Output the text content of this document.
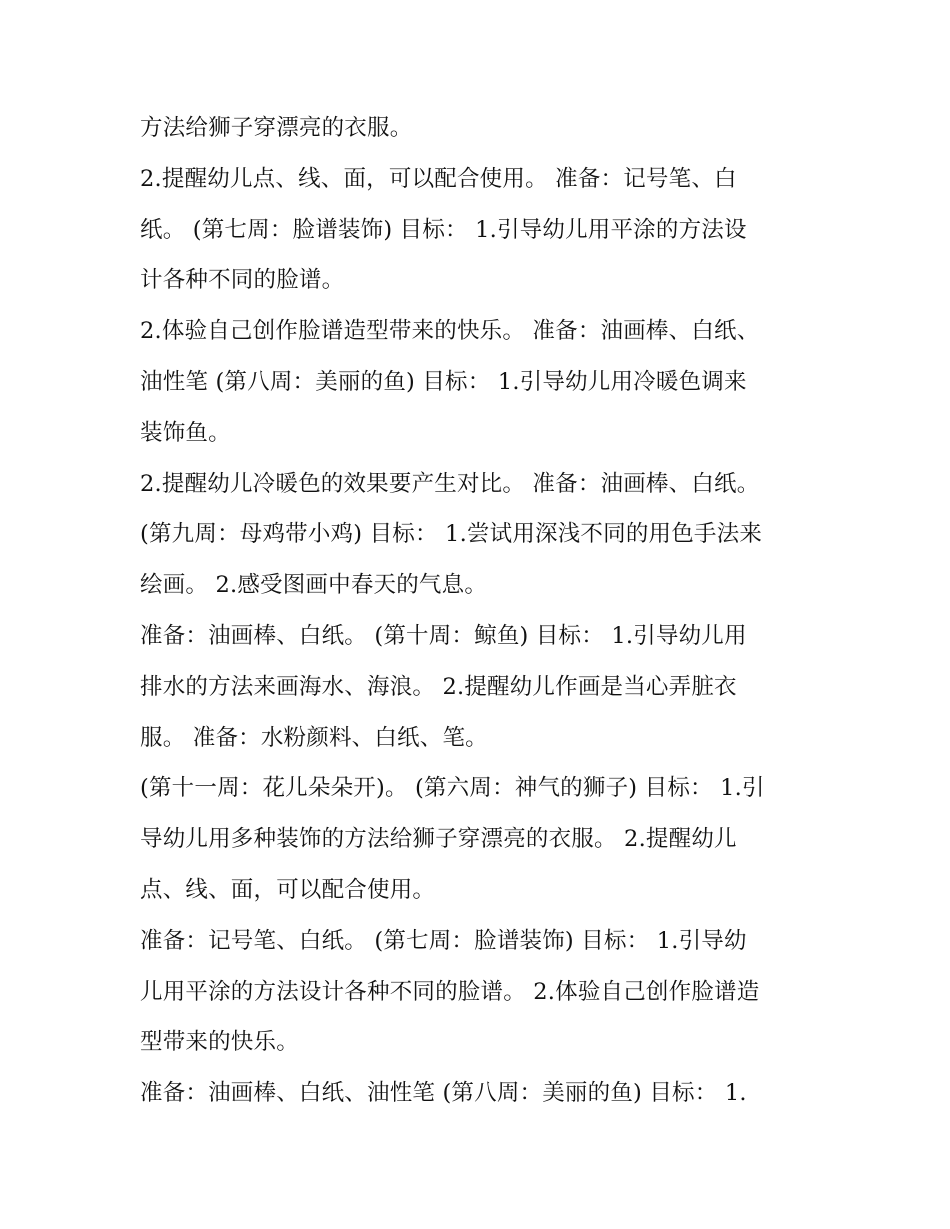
方法给狮子穿漂亮的衣服。
2.提醒幼儿点、线、面，可以配合使用。 准备：记号笔、白
纸。 (第七周：脸谱装饰) 目标： 1.引导幼儿用平涂的方法设
计各种不同的脸谱。
2.体验自己创作脸谱造型带来的快乐。 准备：油画棒、白纸、
油性笔 (第八周：美丽的鱼) 目标： 1.引导幼儿用冷暖色调来
装饰鱼。
2.提醒幼儿冷暖色的效果要产生对比。 准备：油画棒、白纸。
(第九周：母鸡带小鸡) 目标： 1.尝试用深浅不同的用色手法来
绘画。 2.感受图画中春天的气息。
准备：油画棒、白纸。 (第十周：鲸鱼) 目标： 1.引导幼儿用
排水的方法来画海水、海浪。 2.提醒幼儿作画是当心弄脏衣
服。 准备：水粉颜料、白纸、笔。
(第十一周：花儿朵朵开)。 (第六周：神气的狮子) 目标： 1.引
导幼儿用多种装饰的方法给狮子穿漂亮的衣服。 2.提醒幼儿
点、线、面，可以配合使用。
准备：记号笔、白纸。 (第七周：脸谱装饰) 目标： 1.引导幼
儿用平涂的方法设计各种不同的脸谱。 2.体验自己创作脸谱造
型带来的快乐。
准备：油画棒、白纸、油性笔 (第八周：美丽的鱼) 目标： 1.
